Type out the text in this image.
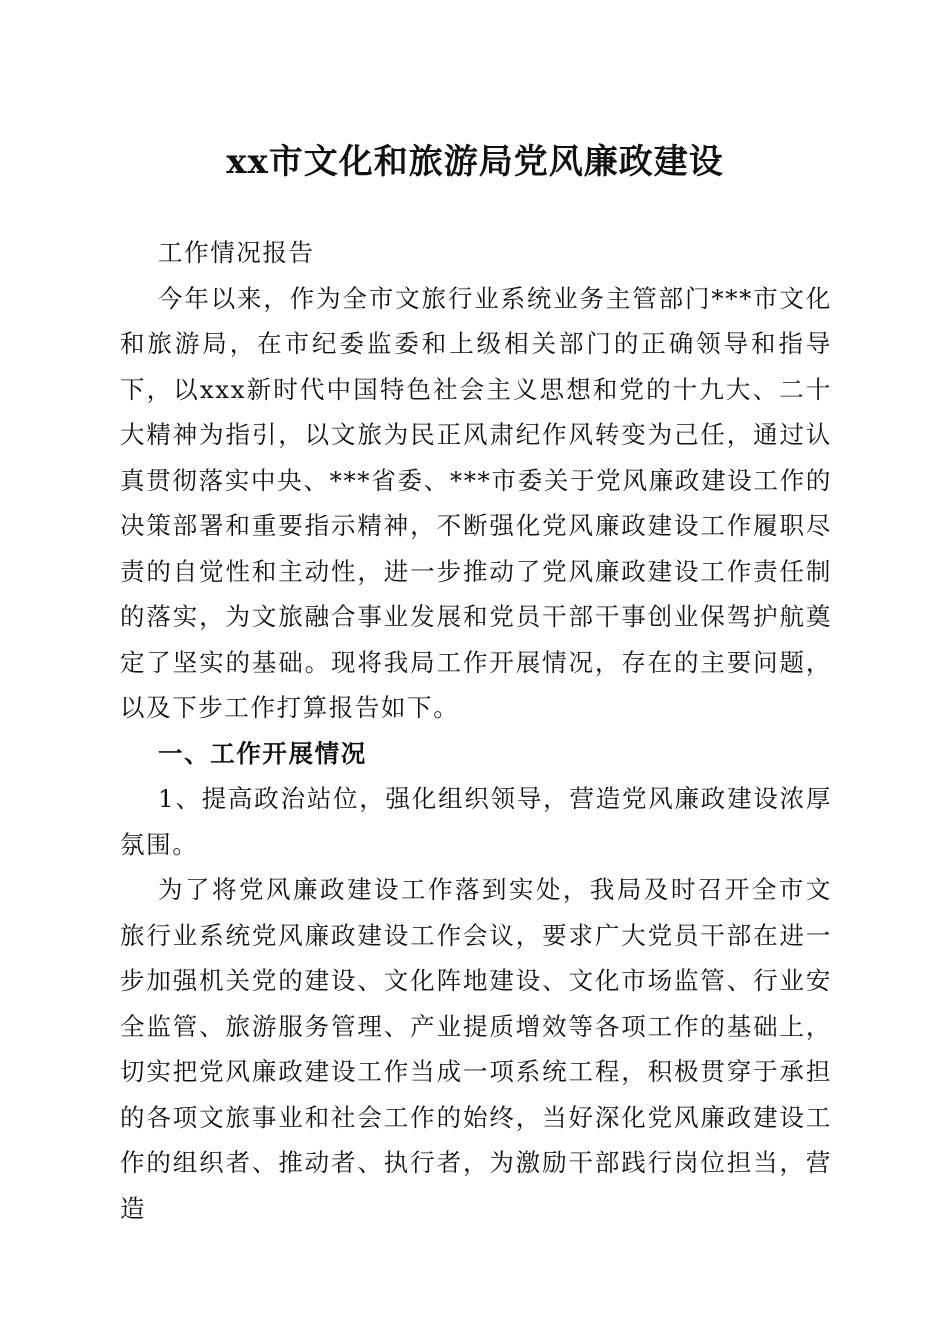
xx市文化和旅游局党风廉政建设

工作情况报告

今年以来，作为全市文旅行业系统业务主管部门***市文化和旅游局，在市纪委监委和上级相关部门的正确领导和指导下，以xxx新时代中国特色社会主义思想和党的十九大、二十大精神为指引，以文旅为民正风肃纪作风转变为己任，通过认真贯彻落实中央、***省委、***市委关于党风廉政建设工作的决策部署和重要指示精神，不断强化党风廉政建设工作履职尽责的自觉性和主动性，进一步推动了党风廉政建设工作责任制的落实，为文旅融合事业发展和党员干部干事创业保驾护航奠定了坚实的基础。现将我局工作开展情况，存在的主要问题，以及下步工作打算报告如下。

一、工作开展情况

1、提高政治站位，强化组织领导，营造党风廉政建设浓厚氛围。

为了将党风廉政建设工作落到实处，我局及时召开全市文旅行业系统党风廉政建设工作会议，要求广大党员干部在进一步加强机关党的建设、文化阵地建设、文化市场监管、行业安全监管、旅游服务管理、产业提质增效等各项工作的基础上，切实把党风廉政建设工作当成一项系统工程，积极贯穿于承担的各项文旅事业和社会工作的始终，当好深化党风廉政建设工作的组织者、推动者、执行者，为激励干部践行岗位担当，营造
